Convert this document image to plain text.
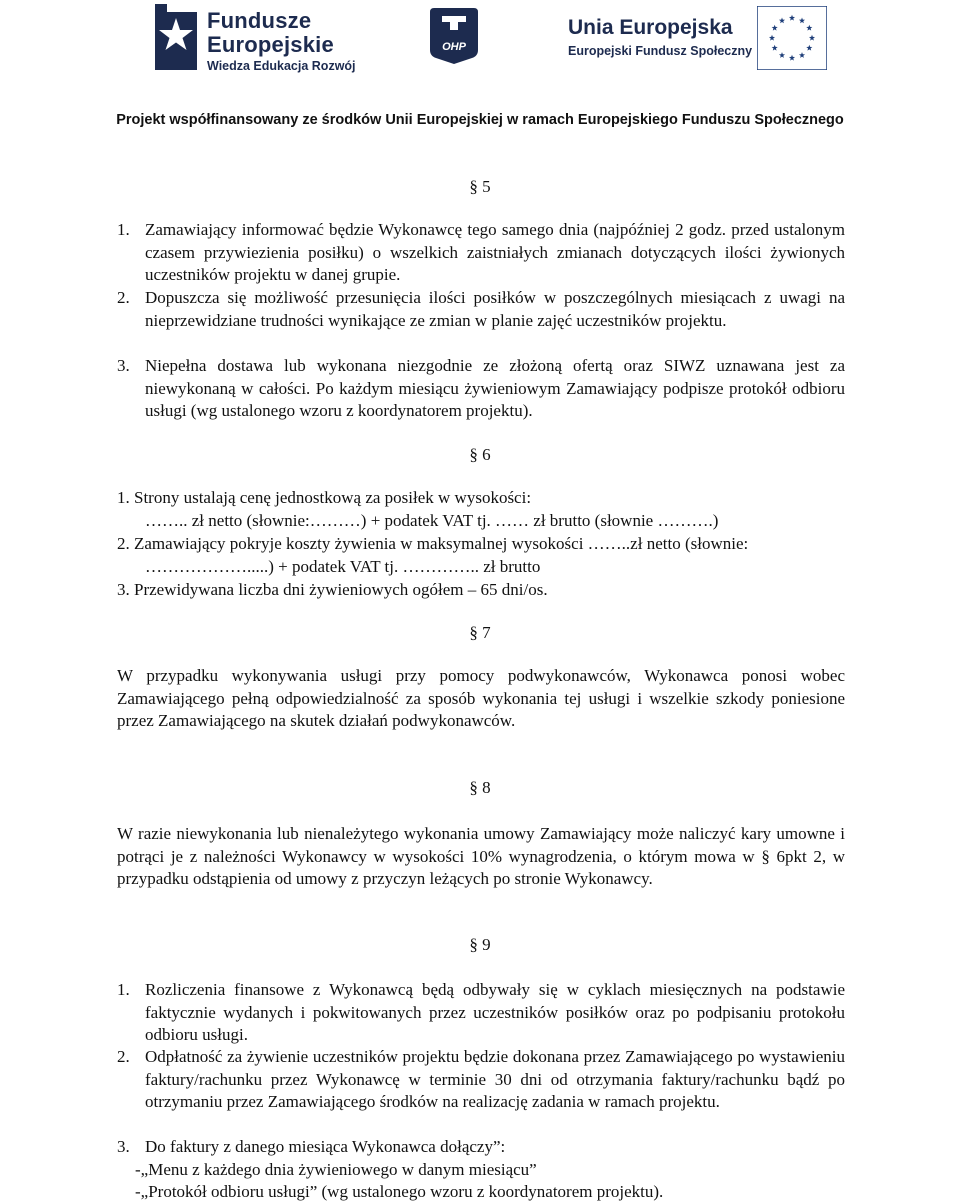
Fundusze
Europejskie
Wiedza Edukacja Rozwój
OHP
Unia Europejska
Europejski Fundusz Społeczny
Projekt współfinansowany ze środków Unii Europejskiej w ramach Europejskiego Funduszu Społecznego
§ 5
1. Zamawiający informować będzie Wykonawcę tego samego dnia (najpóźniej 2 godz. przed ustalonym czasem przywiezienia posiłku) o wszelkich zaistniałych zmianach dotyczących ilości żywionych uczestników projektu w danej grupie.
2. Dopuszcza się możliwość przesunięcia ilości posiłków w poszczególnych miesiącach z uwagi na nieprzewidziane trudności wynikające ze zmian w planie zajęć uczestników projektu.
3. Niepełna dostawa lub wykonana niezgodnie ze złożoną ofertą oraz SIWZ uznawana jest za niewykonaną w całości. Po każdym miesiącu żywieniowym Zamawiający podpisze protokół odbioru usługi (wg ustalonego wzoru z koordynatorem projektu).
§ 6
1. Strony ustalają cenę jednostkową za posiłek w wysokości:
…….. zł netto (słownie:………) + podatek VAT tj. …… zł brutto (słownie ……….)
2. Zamawiający pokryje koszty żywienia w maksymalnej wysokości ……..zł netto (słownie:
……………….....) + podatek VAT tj. ………….. zł brutto
3. Przewidywana liczba dni żywieniowych ogółem – 65 dni/os.
§ 7
W przypadku wykonywania usługi przy pomocy podwykonawców, Wykonawca ponosi wobec Zamawiającego pełną odpowiedzialność za sposób wykonania tej usługi i wszelkie szkody poniesione przez Zamawiającego na skutek działań podwykonawców.
§ 8
W razie niewykonania lub nienależytego wykonania umowy Zamawiający może naliczyć kary umowne i potrąci je z należności Wykonawcy w wysokości 10% wynagrodzenia, o którym mowa w § 6pkt 2, w przypadku odstąpienia od umowy z przyczyn leżących po stronie Wykonawcy.
§ 9
1. Rozliczenia finansowe z Wykonawcą będą odbywały się w cyklach miesięcznych na podstawie faktycznie wydanych i pokwitowanych przez uczestników posiłków oraz po podpisaniu protokołu odbioru usługi.
2. Odpłatność za żywienie uczestników projektu będzie dokonana przez Zamawiającego po wystawieniu faktury/rachunku przez Wykonawcę w terminie 30 dni od otrzymania faktury/rachunku bądź po otrzymaniu przez Zamawiającego środków na realizację zadania w ramach projektu.
3. Do faktury z danego miesiąca Wykonawca dołączy”:
-„Menu z każdego dnia żywieniowego w danym miesiącu”
-„Protokół odbioru usługi” (wg ustalonego wzoru z koordynatorem projektu).
